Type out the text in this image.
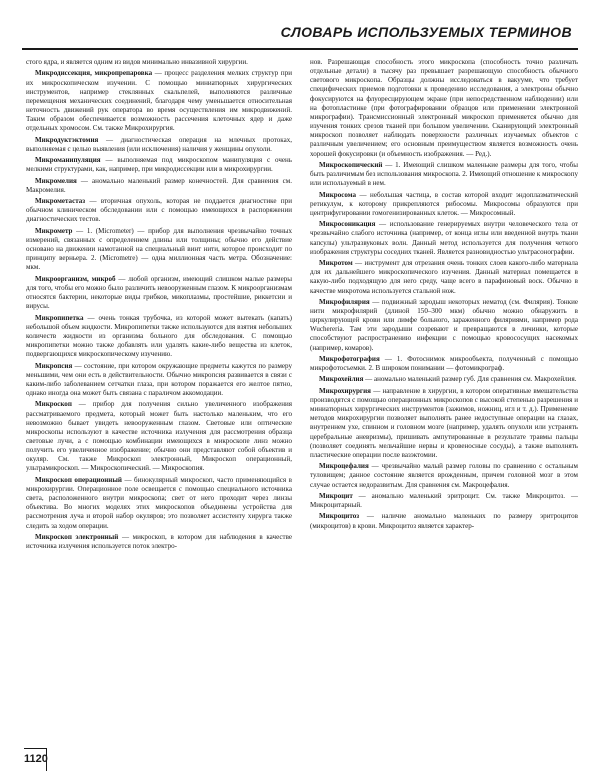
СЛОВАРЬ ИСПОЛЬЗУЕМЫХ ТЕРМИНОВ

стого ядра, и является одним из видов минимально инвазивной хирургии.

Микродиссекция, микропрепаровка — процесс разделения мелких структур при их микроскопическом изучении. С помощью миниатюрных хирургических инструментов, например стеклянных скальпелей, выполняются различные перемещения механических соединений, благодаря чему уменьшается относительная неточность движений рук оператора во время осуществления им микродвижений. Таким образом обеспечивается возможность рассечения клеточных ядер и даже отдельных хромосом. См. также Микрохирургия.

Микродуктэктомия — диагностическая операция на млечных протоках, выполняемая с целью выявления (или исключения) наличия у женщины опухоли.

Микроманипуляция — выполняемая под микроскопом манипуляция с очень мелкими структурами, как, например, при микродиссекции или в микрохирургии.

Микромелия — аномально маленький размер конечностей. Для сравнения см. Макромелия.

Микрометастаз — вторичная опухоль, которая не поддается диагностике при обычном клиническом обследовании или с помощью имеющихся в распоряжении диагностических тестов.

Микрометр — 1. (Micrometer) — прибор для выполнения чрезвычайно точных измерений, связанных с определением длины или толщины; обычно его действие основано на движении намотанной на специальный винт нити, которое происходит по принципу верньера. 2. (Micrometre) — одна миллионная часть метра. Обозначение: мкм.

Микроорганизм, микроб — любой организм, имеющий слишком малые размеры для того, чтобы его можно было различить невооруженным глазом. К микроорганизмам относятся бактерии, некоторые виды грибков, микоплазмы, простейшие, риккетсии и вирусы.

Микропипетка — очень тонкая трубочка, из которой может вытекать (капать) небольшой объем жидкости. Микропипетки также используются для взятия небольших количеств жидкости из организма больного для обследования. С помощью микропипетки можно также добавлять или удалять какие-либо вещества из клеток, подвергающихся микроскопическому изучению.

Микропсия — состояние, при котором окружающие предметы кажутся по размеру меньшими, чем они есть в действительности. Обычно микропсия развивается в связи с каким-либо заболеванием сетчатки глаза, при котором поражается его желтое пятно, однако иногда она может быть связана с параличом аккомодации.

Микроскоп — прибор для получения сильно увеличенного изображения рассматриваемого предмета, который может быть настолько маленьким, что его невозможно бывает увидеть невооруженным глазом. Световые или оптические микроскопы используют в качестве источника излучения для рассмотрения образца световые лучи, а с помощью комбинации имеющихся в микроскопе линз можно получить его увеличенное изображение; обычно они представляют собой объектив и окуляр. См. также Микроскоп электронный, Микроскоп операционный, ультрамикроскоп. — Микроскопический. — Микроскопия.

Микроскоп операционный — бинокулярный микроскоп, часто применяющийся в микрохирургии. Операционное поле освещается с помощью специального источника света, расположенного внутри микроскопа; свет от него проходит через линзы объектива. Во многих моделях этих микроскопов объединены устройства для рассмотрения луча и второй набор окуляров; это позволяет ассистенту хирурга также следить за ходом операции.

Микроскоп электронный — микроскоп, в котором для наблюдения в качестве источника излучения используется поток электро-

нов. Разрешающая способность этого микроскопа (способность точно различать отдельные детали) в тысячу раз превышает разрешающую способность обычного светового микроскопа. Образцы должны исследоваться в вакууме, что требует специфических приемов подготовки к проведению исследования, а электроны обычно фокусируются на флуоресцирующем экране (при непосредственном наблюдении) или на фотопластинке (при фотографировании образцов или применении электронной микрографии). Трансмиссионный электронный микроскоп применяется обычно для изучения тонких срезов тканей при большом увеличении. Сканирующий электронный микроскоп позволяет наблюдать поверхности различных изучаемых объектов с различным увеличением; его основным преимуществом является возможность очень хорошей фокусировки (и объемность изображения. — Ред.).

Микроскопический — 1. Имеющий слишком маленькие размеры для того, чтобы быть различимым без использования микроскопа. 2. Имеющий отношение к микроскопу или используемый в нем.

Микросома — небольшая частица, в состав которой входит эндоплазматический ретикулум, к которому прикрепляются рибосомы. Микросомы образуются при центрифугировании гомогенизированных клеток. — Микросомный.

Микросоникация — использование генерируемых внутри человеческого тела от чрезвычайно слабого источника (например, от конца иглы или введенной внутрь ткани капсулы) ультразвуковых волн. Данный метод используется для получения четкого изображения структуры соседних тканей. Является разновидностью ультрасонографии.

Микротом — инструмент для отрезания очень тонких слоев какого-либо материала для их дальнейшего микроскопического изучения. Данный материал помещается в какую-либо подходящую для него среду, чаще всего в парафиновый воск. Обычно в качестве микротома используется стальной нож.

Микрофилярия — подвижный зародыш некоторых нематод (см. Филярия). Тонкие нити микрофилярий (длиной 150–300 мкм) обычно можно обнаружить в циркулирующей крови или лимфе больного, зараженного филяриями, например рода Wuchereria. Там эти зародыши созревают и превращаются в личинки, которые способствуют распространению инфекции с помощью кровососущих насекомых (например, комаров).

Микрофотография — 1. Фотоснимок микрообъекта, полученный с помощью микрофотосъемки. 2. В широком понимании — фотомикрограф.

Микрохейлия — аномально маленький размер губ. Для сравнения см. Макрохейлия.

Микрохирургия — направление в хирургии, в котором оперативные вмешательства производятся с помощью операционных микроскопов с высокой степенью разрешения и миниатюрных хирургических инструментов (зажимов, ножниц, игл и т. д.). Применение методов микрохирургии позволяет выполнять ранее недоступные операции на глазах, внутреннем ухе, спинном и головном мозге (например, удалять опухоли или устранять церебральные аневризмы), пришивать ампутированные в результате травмы пальцы (позволяет соединять мельчайшие нервы и кровеносные сосуды), а также выполнять пластические операции после вазэктомии.

Микроцефалия — чрезвычайно малый размер головы по сравнению с остальным туловищем; данное состояние является врожденным, причем головной мозг в этом случае остается недоразвитым. Для сравнения см. Макроцефалия.

Микроцит — аномально маленький эритроцит. См. также Микроцитоз. — Микроцитарный.

Микроцитоз — наличие аномально маленьких по размеру эритроцитов (микроцитов) в крови. Микроцитоз является характер-

1120
